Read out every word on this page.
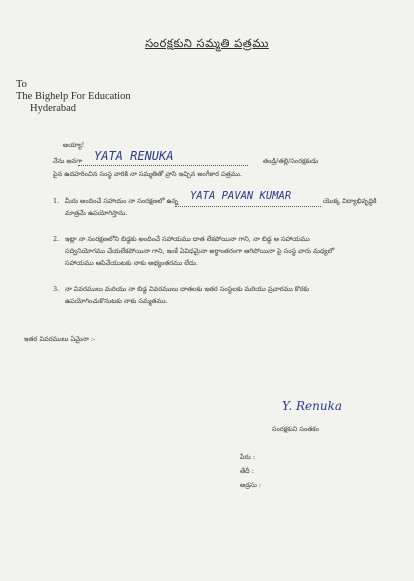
సంరక్షకుని సమ్మతి పత్రము
To
The Bighelp For Education
Hyderabad
అయ్యా!
నేను అనగా YATA RENUKA	తండ్రి/తల్లి/సంరక్షకుడు
పైన ఉదహరించిన సంస్థ వారికి నా సమ్మతితో వ్రాసి ఇచ్చిన అంగీకార పత్రము.
1. మీరు అందించే సహాయం నా సంరక్షణలో ఉన్న YATA PAVAN KUMAR	యొక్క విద్యాభివృద్ధికి
మాత్రమే ఉపయోగిస్తాను.
2. ఇట్లా నా సంరక్షణలోని బిడ్డకు అందించే సహాయము దాత లేకపోయినా గాని, నా బిడ్డ ఆ సహాయము
సద్వినియోగము చేయలేకపోయినా గాని, ఇంకే ఏవిధమైనా అర్థాంతరంగా ఆగిపోయినా పై సంస్థ వారు మధ్యలో
సహాయము ఆపివేయుటకు నాకు అభ్యంతరము లేదు.
3. నా వివరములు మరియు నా బిడ్డ వివరములు దాతలకు ఇతర సంస్థలకు మరియు ప్రచారము కొరకు
ఉపయోగించుకొనుటకు నాకు సమ్మతము.
ఇతర వివరములు ఏమైనా :-
Y. Renuka
సంరక్షకుని సంతకం
పేరు :
తేదీ :
అడ్రసు :
